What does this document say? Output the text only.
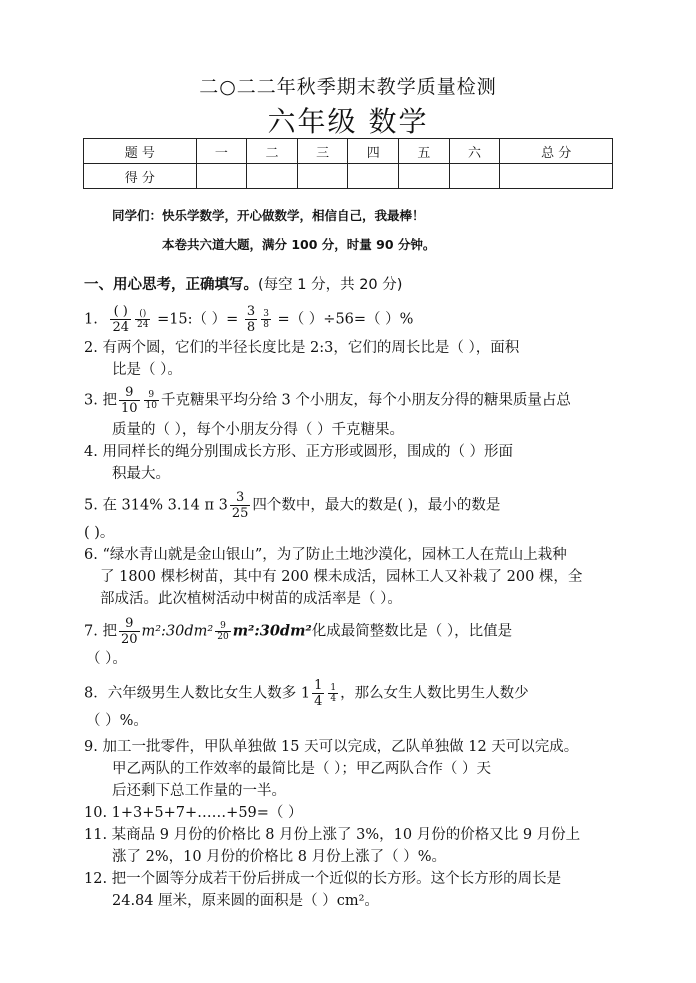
二○二二年秋季期末教学质量检测
六年级 数学
题 号	一	二	三	四	五	六	总 分
得 分							
同学们：快乐学数学，开心做数学，相信自己，我最棒！
本卷共六道大题，满分 100 分，时量 90 分钟。
一、用心思考，正确填写。(每空 1 分，共 20 分)
1. $\frac{( )}{24} \frac{()}{24}$ =15:（ ）= $\frac{3}{8} \frac{3}{8}$ =（ ）÷56=（ ）%
2. 有两个圆，它们的半径长度比是 2:3，它们的周长比是（ ），面积
比是（ ）。
3. 把 $\frac{9}{10} \frac{9}{10}$ 千克糖果平均分给 3 个小朋友，每个小朋友分得的糖果质量占总
质量的（ ），每个小朋友分得（ ）千克糖果。
4. 用同样长的绳分别围成长方形、正方形或圆形，围成的（ ）形面
积最大。
5. 在 314% 3.14 π $3 \frac{3}{25}$ 四个数中，最大的数是( )，最小的数是
( )。
6. “绿水青山就是金山银山”，为了防止土地沙漠化，园林工人在荒山上栽种
了 1800 棵杉树苗，其中有 200 棵未成活，园林工人又补栽了 200 棵，全
部成活。此次植树活动中树苗的成活率是（ ）。
7. 把 $\frac{9}{20}$ m²:30dm² $\frac{9}{20}$ m²:30dm²化成最简整数比是（ ），比值是
（ ）。
8．六年级男生人数比女生人数多 $1 \frac{1}{4} \frac{1}{4}$ ，那么女生人数比男生人数少
（ ）%。
9. 加工一批零件，甲队单独做 15 天可以完成，乙队单独做 12 天可以完成。
甲乙两队的工作效率的最简比是（ ）；甲乙两队合作（ ）天
后还剩下总工作量的一半。
10. 1+3+5+7+……+59=（ ）
11. 某商品 9 月份的价格比 8 月份上涨了 3%，10 月份的价格又比 9 月份上
涨了 2%，10 月份的价格比 8 月份上涨了（ ）%。
12. 把一个圆等分成若干份后拼成一个近似的长方形。这个长方形的周长是
24.84 厘米，原来圆的面积是（ ）cm²。
